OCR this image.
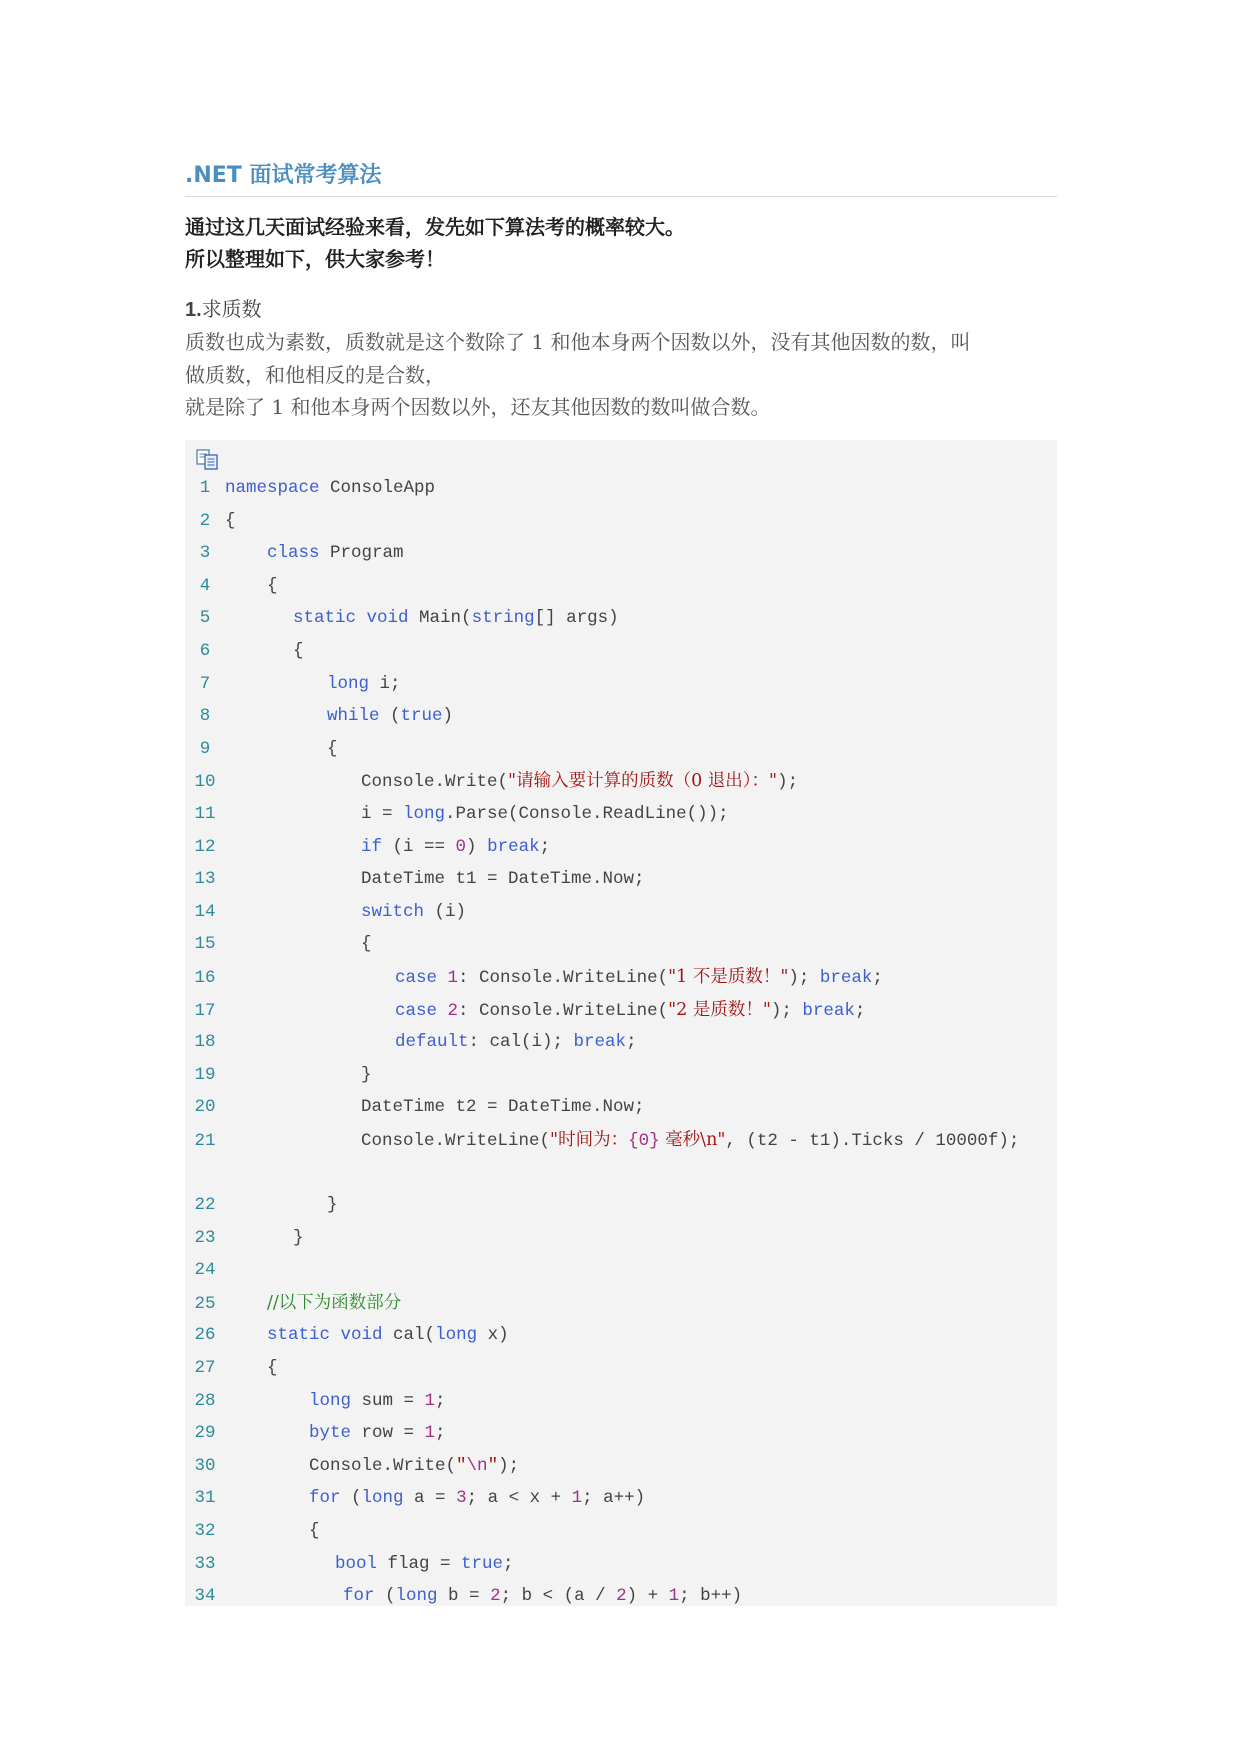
.NET 面试常考算法
通过这几天面试经验来看，发先如下算法考的概率较大。
所以整理如下，供大家参考！
1.求质数
质数也成为素数，质数就是这个数除了 1 和他本身两个因数以外，没有其他因数的数，叫
做质数，和他相反的是合数，
就是除了 1 和他本身两个因数以外，还友其他因数的数叫做合数。
1 namespace ConsoleApp
2 {
3	class Program
4	{
5	static void Main(string[] args)
6	{
7	long i;
8	while (true)
9	{
10	Console.Write("请输入要计算的质数（0 退出）：");
11	i = long.Parse(Console.ReadLine());
12	if (i == 0) break;
13	DateTime t1 = DateTime.Now;
14	switch (i)
15	{
16	case 1: Console.WriteLine("1 不是质数！"); break;
17	case 2: Console.WriteLine("2 是质数！"); break;
18	default: cal(i); break;
19	}
20	DateTime t2 = DateTime.Now;
21	Console.WriteLine("时间为：{0} 毫秒\n", (t2 - t1).Ticks / 10000f);
22	}
23	}
24
25	//以下为函数部分
26	static void cal(long x)
27	{
28	long sum = 1;
29	byte row = 1;
30	Console.Write("\n");
31	for (long a = 3; a < x + 1; a++)
32	{
33	bool flag = true;
34	for (long b = 2; b < (a / 2) + 1; b++)
